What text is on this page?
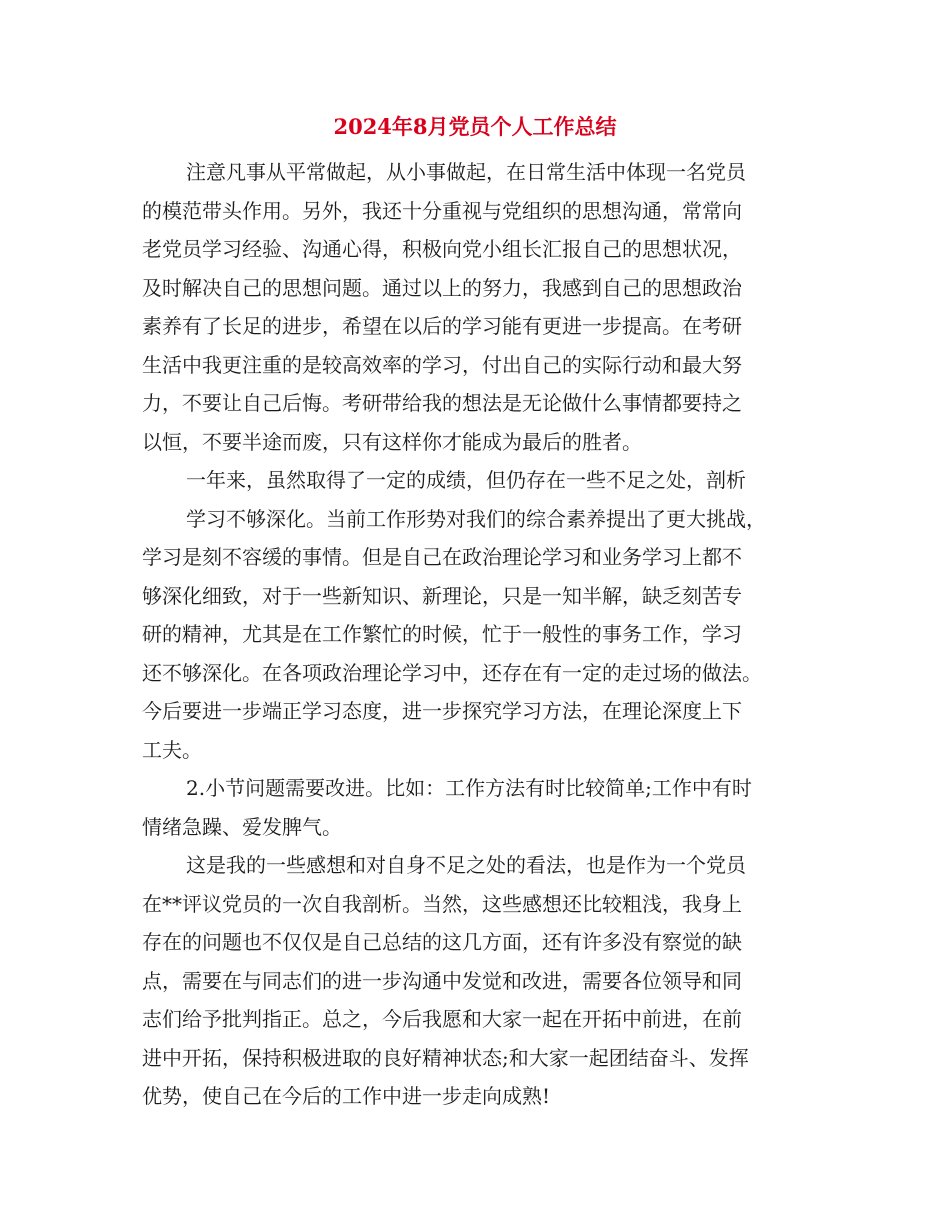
2024年8月党员个人工作总结
注意凡事从平常做起，从小事做起，在日常生活中体现一名党员
的模范带头作用。另外，我还十分重视与党组织的思想沟通，常常向
老党员学习经验、沟通心得，积极向党小组长汇报自己的思想状况，
及时解决自己的思想问题。通过以上的努力，我感到自己的思想政治
素养有了长足的进步，希望在以后的学习能有更进一步提高。在考研
生活中我更注重的是较高效率的学习，付出自己的实际行动和最大努
力，不要让自己后悔。考研带给我的想法是无论做什么事情都要持之
以恒，不要半途而废，只有这样你才能成为最后的胜者。
一年来，虽然取得了一定的成绩，但仍存在一些不足之处，剖析
学习不够深化。当前工作形势对我们的综合素养提出了更大挑战，
学习是刻不容缓的事情。但是自己在政治理论学习和业务学习上都不
够深化细致，对于一些新知识、新理论，只是一知半解，缺乏刻苦专
研的精神，尤其是在工作繁忙的时候，忙于一般性的事务工作，学习
还不够深化。在各项政治理论学习中，还存在有一定的走过场的做法。
今后要进一步端正学习态度，进一步探究学习方法，在理论深度上下
工夫。
2.小节问题需要改进。比如：工作方法有时比较简单;工作中有时
情绪急躁、爱发脾气。
这是我的一些感想和对自身不足之处的看法，也是作为一个党员
在**评议党员的一次自我剖析。当然，这些感想还比较粗浅，我身上
存在的问题也不仅仅是自己总结的这几方面，还有许多没有察觉的缺
点，需要在与同志们的进一步沟通中发觉和改进，需要各位领导和同
志们给予批判指正。总之，今后我愿和大家一起在开拓中前进，在前
进中开拓，保持积极进取的良好精神状态;和大家一起团结奋斗、发挥
优势，使自己在今后的工作中进一步走向成熟!
